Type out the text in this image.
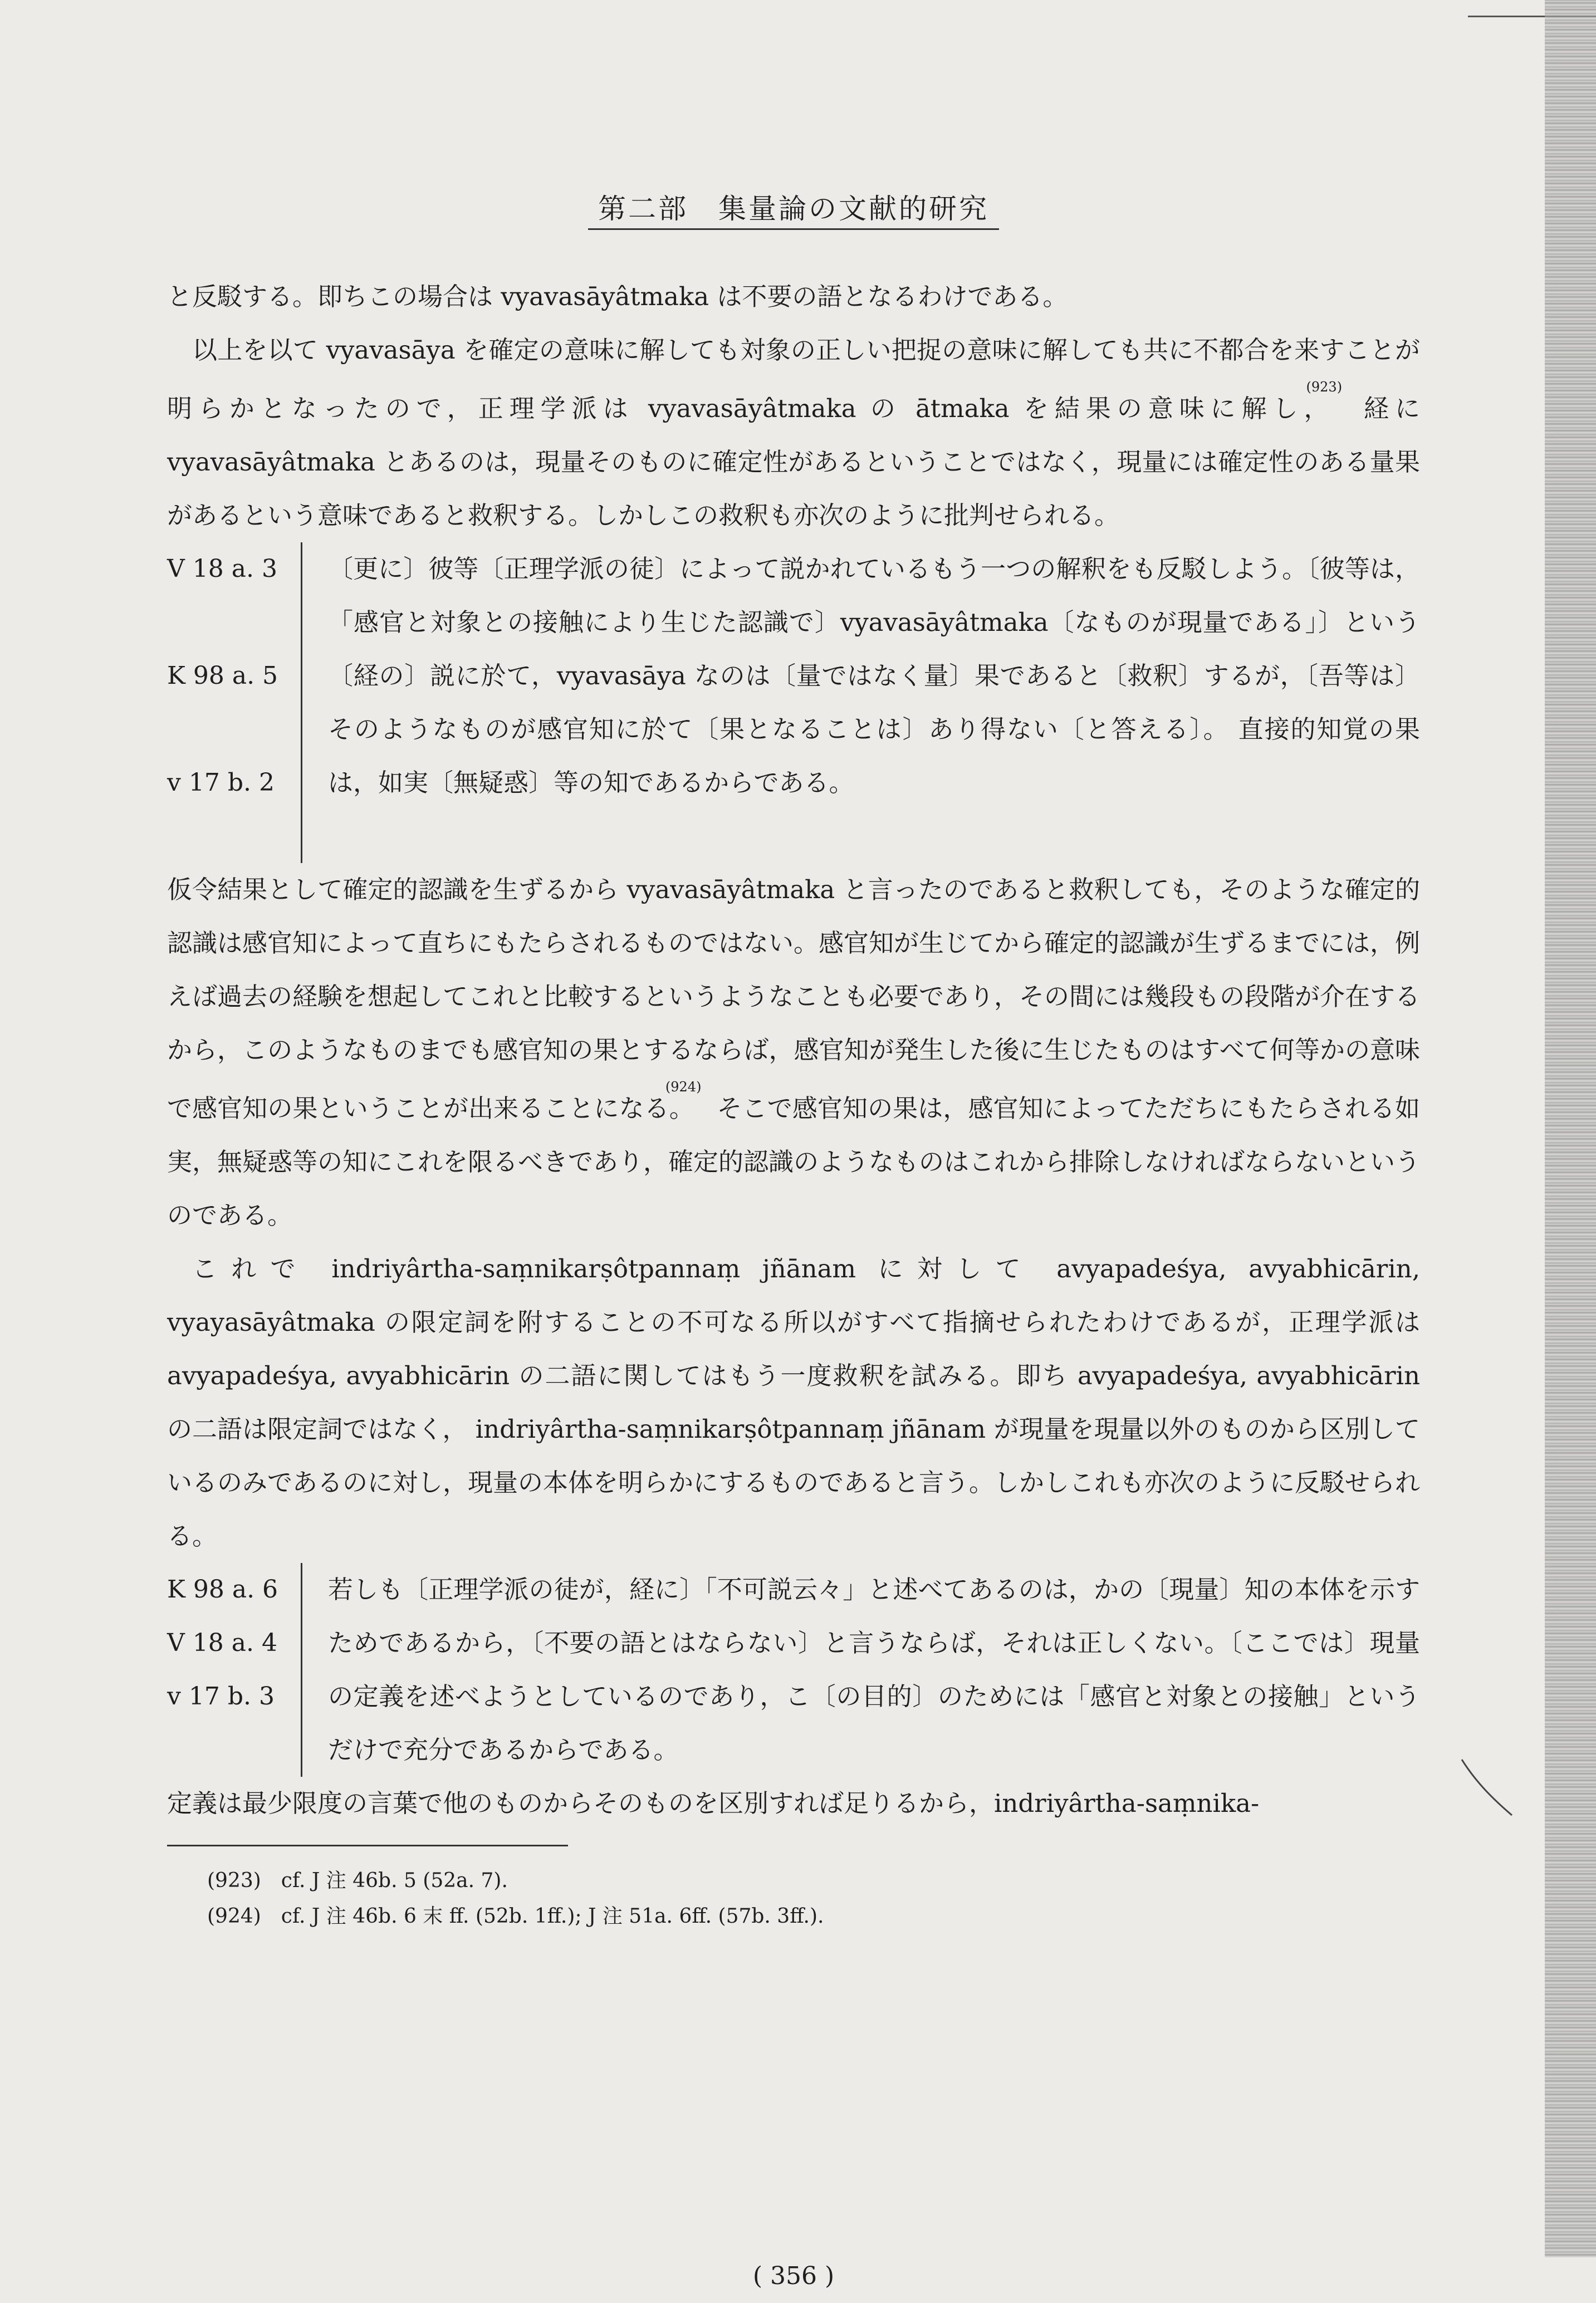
第二部　集量論の文献的研究

と反駁する。即ちこの場合は vyavasāyâtmaka は不要の語となるわけである。

以上を以て vyavasāya を確定の意味に解しても対象の正しい把捉の意味に解しても共に不都合を来すことが明らかとなったので，正理学派は vyavasāyâtmaka の ātmaka を結果の意味に解し，$^{(923)}$経に vyavasāyâtmaka とあるのは，現量そのものに確定性があるということではなく，現量には確定性のある量果があるという意味であると救釈する。しかしこの救釈も亦次のように批判せられる。

V 18 a. 3
K 98 a. 5
v 17 b. 2
〔更に〕彼等〔正理学派の徒〕によって説かれているもう一つの解釈をも反駁しよう。〔彼等は，「感官と対象との接触により生じた認識で〕vyavasāyâtmaka〔なものが現量である」〕という〔経の〕説に於て，vyavasāya なのは〔量ではなく量〕果であると〔救釈〕するが，〔吾等は〕そのようなものが感官知に於て〔果となることは〕あり得ない〔と答える〕。 直接的知覚の果は，如実〔無疑惑〕等の知であるからである。

仮令結果として確定的認識を生ずるから vyavasāyâtmaka と言ったのであると救釈しても，そのような確定的認識は感官知によって直ちにもたらされるものではない。感官知が生じてから確定的認識が生ずるまでには，例えば過去の経験を想起してこれと比較するというようなことも必要であり，その間には幾段もの段階が介在するから，このようなものまでも感官知の果とするならば，感官知が発生した後に生じたものはすべて何等かの意味で感官知の果ということが出来ることになる。$^{(924)}$そこで感官知の果は，感官知によってただちにもたらされる如実，無疑惑等の知にこれを限るべきであり，確定的認識のようなものはこれから排除しなければならないというのである。

これで indriyârtha-saṃnikarṣôtpannaṃ jñānam に対して avyapadeśya, avyabhicārin, vyayasāyâtmaka の限定詞を附することの不可なる所以がすべて指摘せられたわけであるが，正理学派は avyapadeśya, avyabhicārin の二語に関してはもう一度救釈を試みる。即ち avyapadeśya, avyabhicārin の二語は限定詞ではなく， indriyârtha-saṃnikarṣôtpannaṃ jñānam が現量を現量以外のものから区別しているのみであるのに対し，現量の本体を明らかにするものであると言う。しかしこれも亦次のように反駁せられる。

K 98 a. 6
V 18 a. 4
v 17 b. 3
若しも〔正理学派の徒が，経に〕「不可説云々」と述べてあるのは，かの〔現量〕知の本体を示すためであるから，〔不要の語とはならない〕と言うならば，それは正しくない。〔ここでは〕現量の定義を述べようとしているのであり，こ〔の目的〕のためには「感官と対象との接触」というだけで充分であるからである。

定義は最少限度の言葉で他のものからそのものを区別すれば足りるから，indriyârtha-saṃnika-

(923)　cf. J 注 46b. 5 (52a. 7).
(924)　cf. J 注 46b. 6 末 ff. (52b. 1ff.); J 注 51a. 6ff. (57b. 3ff.).
( 356 )
